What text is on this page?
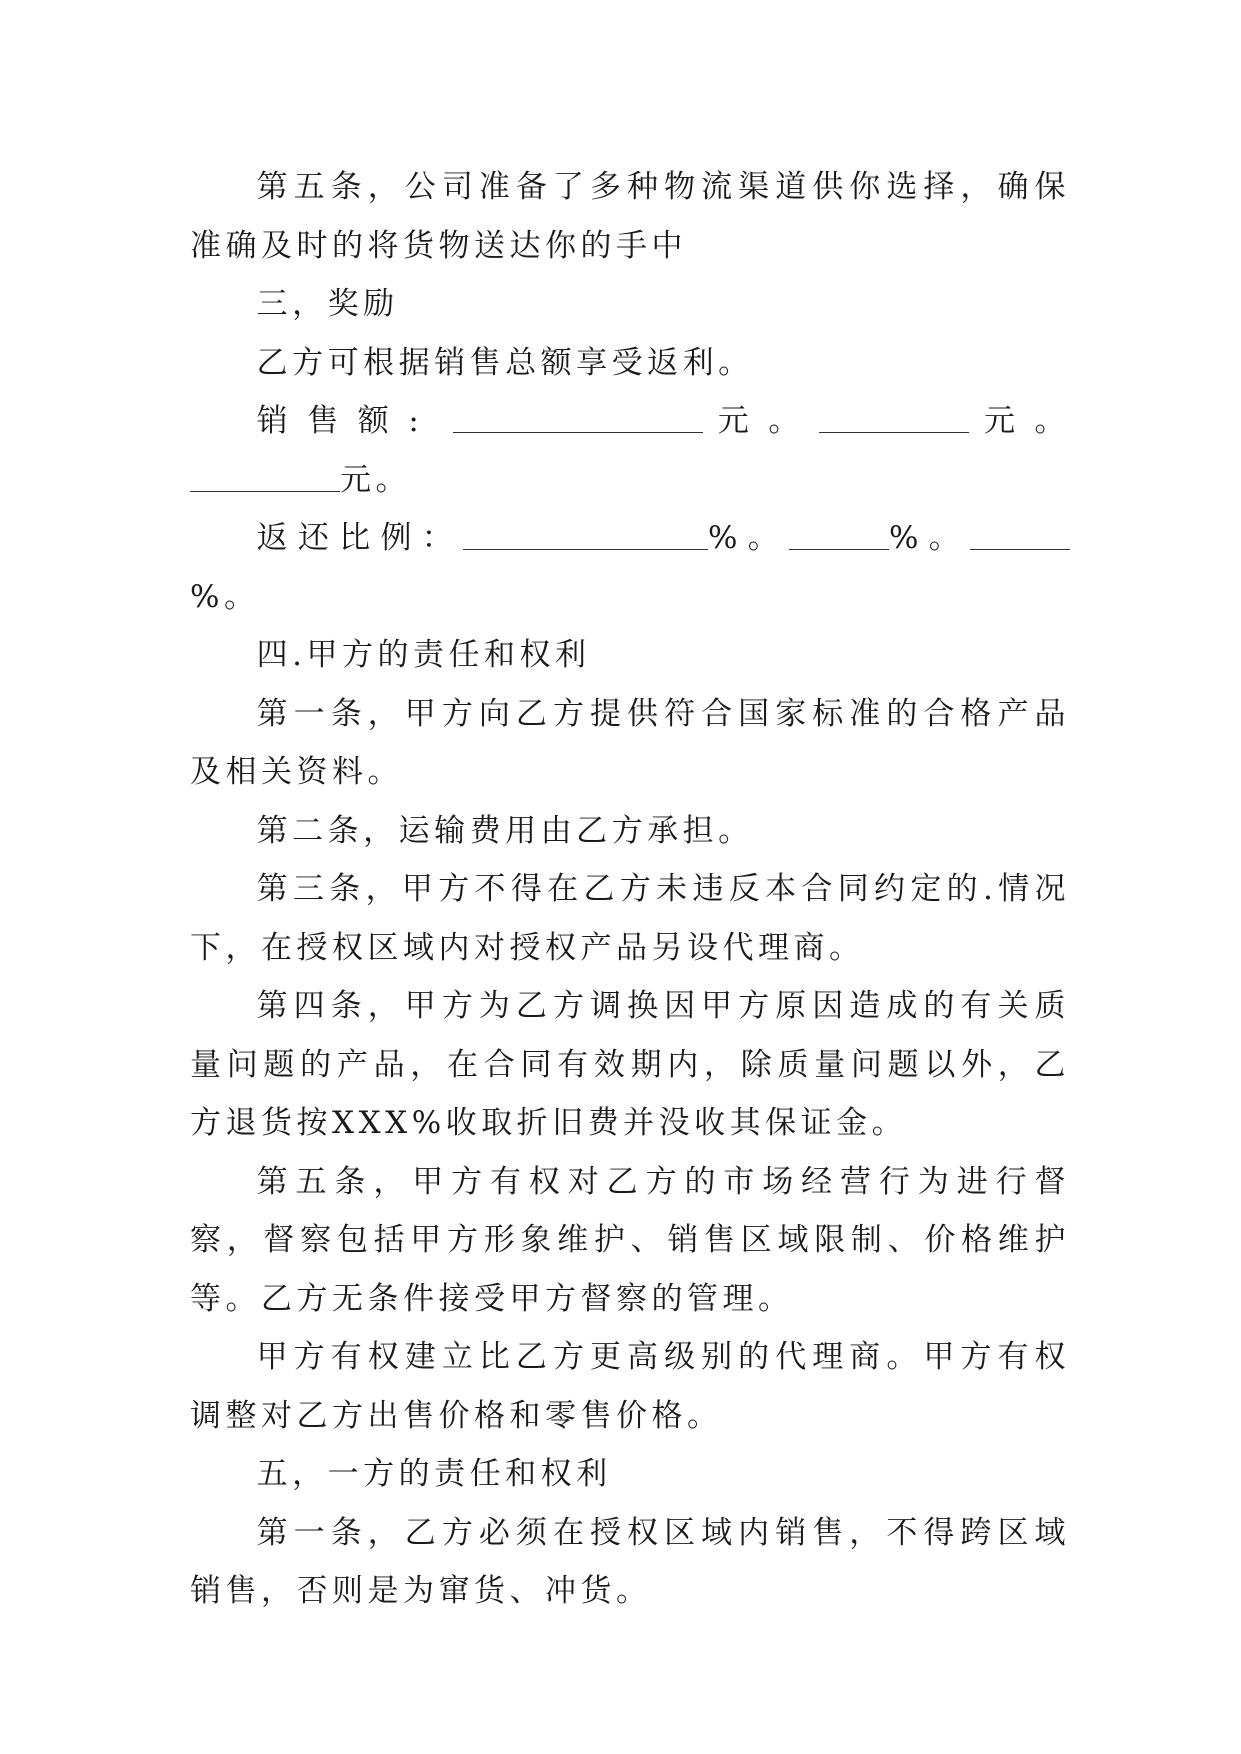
第五条，公司准备了多种物流渠道供你选择，确保准确及时的将货物送达你的手中

三，奖励

乙方可根据销售总额享受返利。

销售额:	元。	元。元。

返还比例：	%。	%。%。

四.甲方的责任和权利

第一条，甲方向乙方提供符合国家标准的合格产品及相关资料。

第二条，运输费用由乙方承担。

第三条，甲方不得在乙方未违反本合同约定的.情况下，在授权区域内对授权产品另设代理商。

第四条，甲方为乙方调换因甲方原因造成的有关质量问题的产品，在合同有效期内，除质量问题以外，乙方退货按XXX%收取折旧费并没收其保证金。

第五条，甲方有权对乙方的市场经营行为进行督察，督察包括甲方形象维护、销售区域限制、价格维护等。乙方无条件接受甲方督察的管理。

甲方有权建立比乙方更高级别的代理商。甲方有权调整对乙方出售价格和零售价格。

五，一方的责任和权利

第一条，乙方必须在授权区域内销售，不得跨区域销售，否则是为窜货、冲货。
